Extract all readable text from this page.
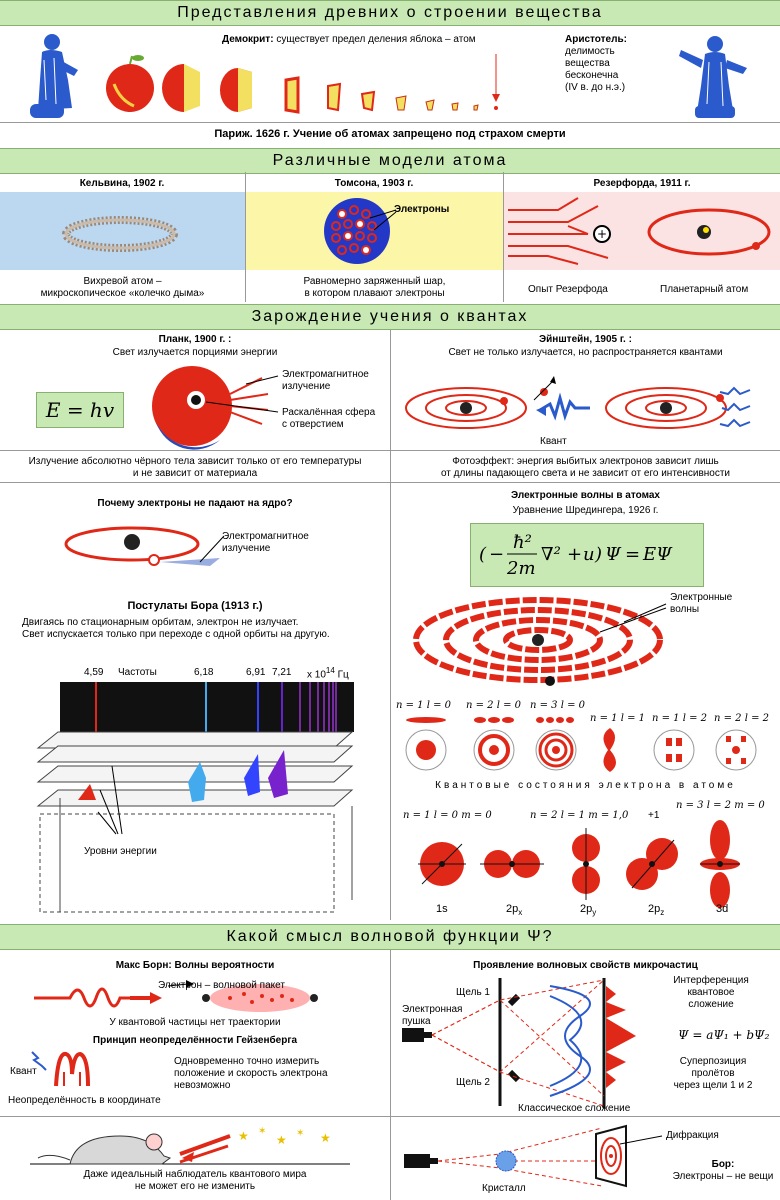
Представления древних о строении вещества
Демокрит: существует предел деления яблока – атом	Аристотель:
делимость
вещества
бесконечна
(IV в. до н.э.)
Париж. 1626 г. Учение об атомах запрещено под страхом смерти
Различные модели атома
Кельвина, 1902 г.	Томсона, 1903 г.	Резерфорда, 1911 г.
Электроны
+
Вихревой атом –
микроскопическое «колечко дыма»
Равномерно заряженный шар,
в котором плавают электроны	Опыт Резерфода	Планетарный атом
Зарождение учения о квантах
Планк, 1900 г. :
Свет излучается порциями энергии
E = hv
Электромагнитное
излучение
Раскалённая сфера
с отверстием
Излучение абсолютно чёрного тела зависит только от его температуры
и не зависит от материала
Эйнштейн, 1905 г. :
Свет не только излучается, но распространяется квантами
Квант
Фотоэффект: энергия выбитых электронов зависит лишь
от длины падающего света и не зависит от его интенсивности
Почему электроны не падают на ядро?
Электромагнитное
излучение
Постулаты Бора (1913 г.)
Двигаясь по стационарным орбитам, электрон не излучает.
Свет испускается только при переходе с одной орбиты на другую.
4,59 Частоты	6,18	6,91 7,21 x $10^{14}$ Гц
Уровни энергии
Электронные волны в атомах
Уравнение Шредингера, 1926 г.
( −
ħ²
2m
∇² + u ) Ψ = EΨ
Электронные
волны
n = 1 l = 0 n = 2 l = 0 n = 3 l = 0
n = 1 l = 1 n = 1 l = 2 n = 2 l = 2
Квантовые состояния электрона в атоме
n = 1 l = 0 m = 0	n = 2 l = 1 m = 1,0 +1
n = 3 l = 2 m = 0
1s	$2p_x$	$2p_y$	$2p_z$	3d
Какой смысл волновой функции Ψ?
Макс Борн: Волны вероятности
Электрон – волновой пакет
У квантовой частицы нет траектории
Принцип неопределённости Гейзенберга
Квант
Одновременно точно измерить
положение и скорость электрона
невозможно
Неопределённость в координате
★ ✶
★ ✶ ★
Даже идеальный наблюдатель квантового мира
не может его не изменить
Проявление волновых свойств микрочастиц
Щель 1
Электронная
пушка
Щель 2
Интерференция
квантовое
сложение
Ψ = aΨ₁ + bΨ₂
Суперпозиция
пролётов
через щели 1 и 2
Классическое сложение
Дифракция
Кристалл
Бор:
Электроны – не вещи
